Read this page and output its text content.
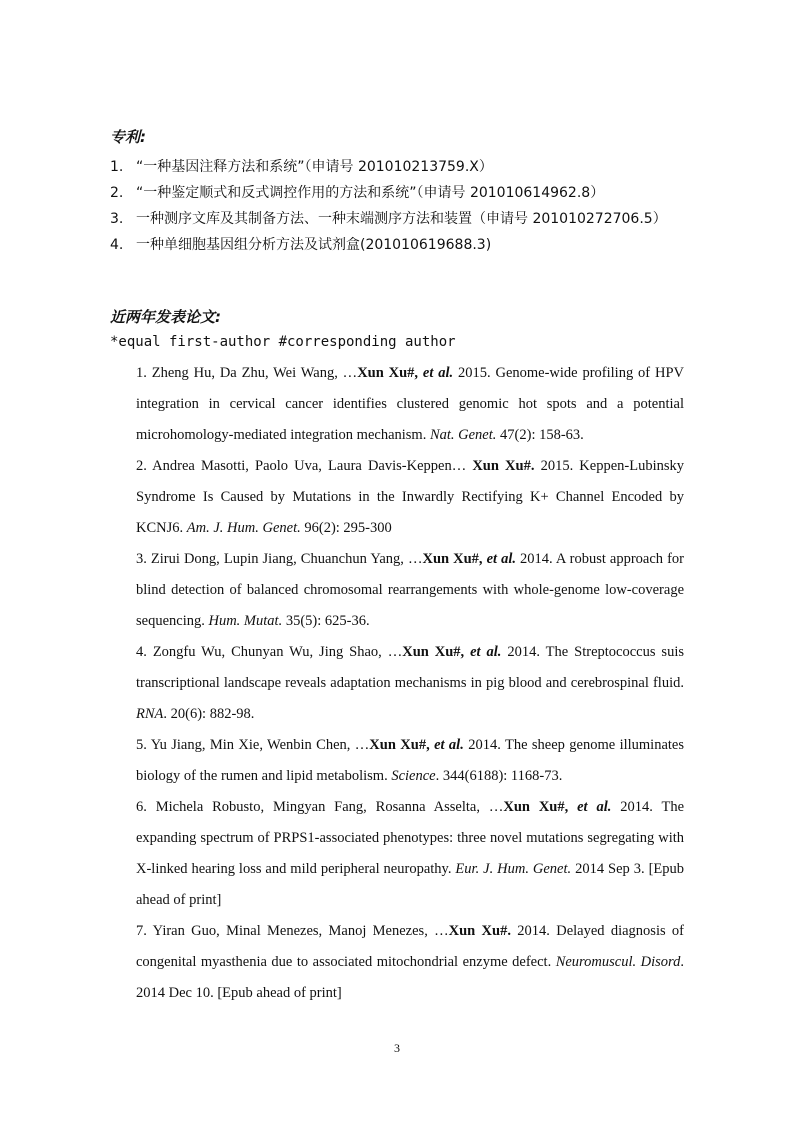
专利:
1. “一种基因注释方法和系统”（申请号 201010213759.X）
2. “一种鉴定顺式和反式调控作用的方法和系统”（申请号 201010614962.8）
3. 一种测序文库及其制备方法、一种末端测序方法和装置（申请号 201010272706.5）
4. 一种单细胞基因组分析方法及试剂盒(201010619688.3)
近两年发表论文:
*equal first-author #corresponding author
1. Zheng Hu, Da Zhu, Wei Wang, …Xun Xu#, et al. 2015. Genome-wide profiling of HPV integration in cervical cancer identifies clustered genomic hot spots and a potential microhomology-mediated integration mechanism. Nat. Genet. 47(2): 158-63.
2. Andrea Masotti, Paolo Uva, Laura Davis-Keppen… Xun Xu#. 2015. Keppen-Lubinsky Syndrome Is Caused by Mutations in the Inwardly Rectifying K+ Channel Encoded by KCNJ6. Am. J. Hum. Genet. 96(2): 295-300
3. Zirui Dong, Lupin Jiang, Chuanchun Yang, …Xun Xu#, et al. 2014. A robust approach for blind detection of balanced chromosomal rearrangements with whole-genome low-coverage sequencing. Hum. Mutat. 35(5): 625-36.
4. Zongfu Wu, Chunyan Wu, Jing Shao, …Xun Xu#, et al. 2014. The Streptococcus suis transcriptional landscape reveals adaptation mechanisms in pig blood and cerebrospinal fluid. RNA. 20(6): 882-98.
5. Yu Jiang, Min Xie, Wenbin Chen, …Xun Xu#, et al. 2014. The sheep genome illuminates biology of the rumen and lipid metabolism. Science. 344(6188): 1168-73.
6. Michela Robusto, Mingyan Fang, Rosanna Asselta, …Xun Xu#, et al. 2014. The expanding spectrum of PRPS1-associated phenotypes: three novel mutations segregating with X-linked hearing loss and mild peripheral neuropathy. Eur. J. Hum. Genet. 2014 Sep 3. [Epub ahead of print]
7. Yiran Guo, Minal Menezes, Manoj Menezes, …Xun Xu#. 2014. Delayed diagnosis of congenital myasthenia due to associated mitochondrial enzyme defect. Neuromuscul. Disord. 2014 Dec 10. [Epub ahead of print]
3
